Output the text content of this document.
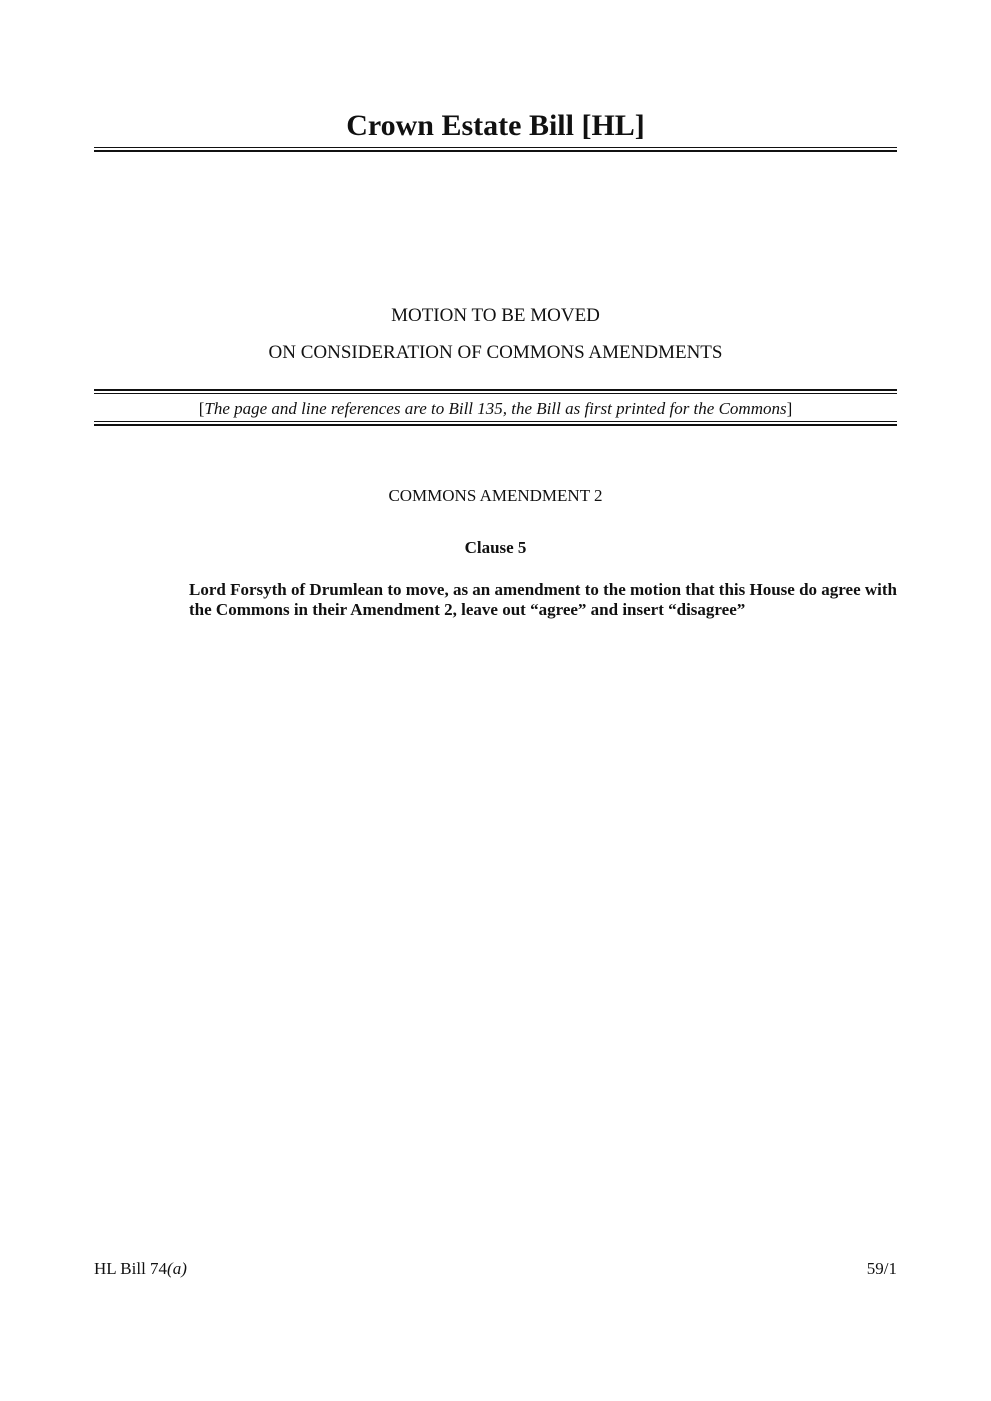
Crown Estate Bill [HL]

MOTION TO BE MOVED

ON CONSIDERATION OF COMMONS AMENDMENTS

[The page and line references are to Bill 135, the Bill as first printed for the Commons]
COMMONS AMENDMENT 2
Clause 5

Lord Forsyth of Drumlean to move, as an amendment to the motion that this House do agree with the Commons in their Amendment 2, leave out “agree” and insert “disagree”

HL Bill 74(a)	59/1
